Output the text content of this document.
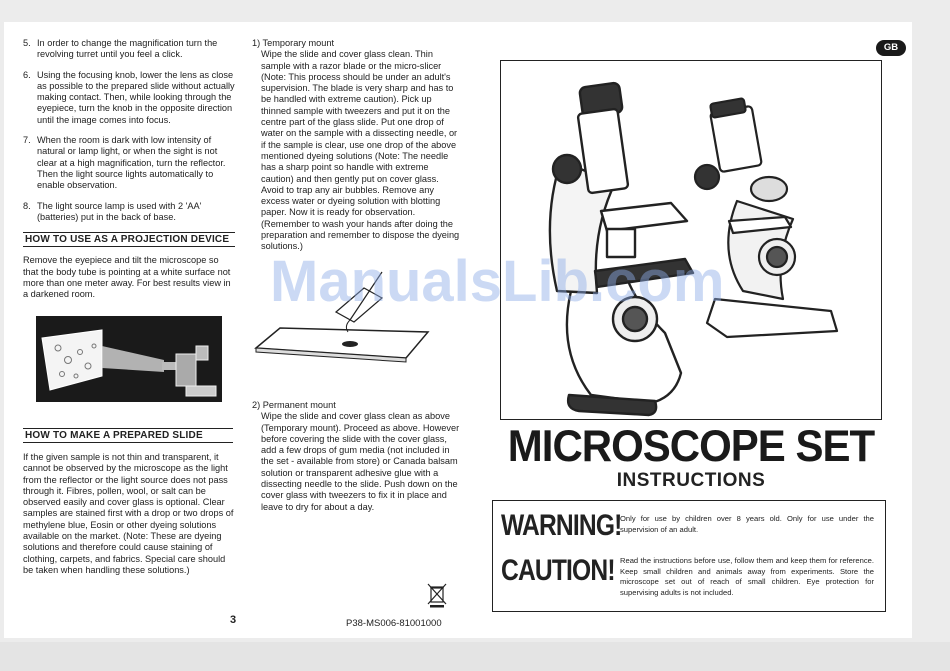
5. In order to change the magnification turn the revolving turret until you feel a click.
6. Using the focusing knob, lower the lens as close as possible to the prepared slide without actually making contact. Then, while looking through the eyepiece, turn the knob in the opposite direction until the image comes into focus.
7. When the room is dark with low intensity of natural or lamp light, or when the sight is not clear at a high magnification, turn the reflector. Then the light source lights automatically to enable observation.
8. The light source lamp is used with 2 'AA' (batteries) put in the back of base.
HOW TO USE AS A PROJECTION DEVICE

Remove the eyepiece and tilt the microscope so that the body tube is pointing at a white surface not more than one meter away. For best results view in a darkened room.

HOW TO MAKE A PREPARED SLIDE

If the given sample is not thin and transparent, it cannot be observed by the microscope as the light from the reflector or the light source does not pass through it. Fibres, pollen, wool, or salt can be observed easily and cover glass is optional. Clear samples are stained first with a drop or two drops of methylene blue, Eosin or other dyeing solutions available on the market. (Note: These are dyeing solutions and therefore could cause staining of clothing, carpets, and fabrics. Special care should be taken when handling these solutions.)

1) Temporary mount
Wipe the slide and cover glass clean. Thin sample with a razor blade or the micro-slicer (Note: This process should be under an adult's supervision. The blade is very sharp and has to be handled with extreme caution). Pick up thinned sample with tweezers and put it on the centre part of the glass slide. Put one drop of water on the sample with a dissecting needle, or if the sample is clear, use one drop of the above mentioned dyeing solutions (Note: The needle has a sharp point so handle with extreme caution) and then gently put on cover glass. Avoid to trap any air bubbles. Remove any excess water or dyeing solution with blotting paper. Now it is ready for observation. (Remember to wash your hands after doing the preparation and remember to dispose the dyeing solutions.)
2) Permanent mount
Wipe the slide and cover glass clean as above (Temporary mount). Proceed as above. However before covering the slide with the cover glass, add a few drops of gum media (not included in the set - available from store) or Canada balsam solution or transparent adhesive glue with a dissecting needle to the slide. Push down on the cover glass with tweezers to fix it in place and leave to dry for about a day.
3	P38-MS006-81001000
GB
MICROSCOPE SET
INSTRUCTIONS
WARNING!
Only for use by children over 8 years old. Only for use under the supervision of an adult.
CAUTION! Read the instructions before use, follow them and keep them for reference. Keep small children and animals away from experiments. Store the microscope set out of reach of small children. Eye protection for supervising adults is not included.
ManualsLib.com
